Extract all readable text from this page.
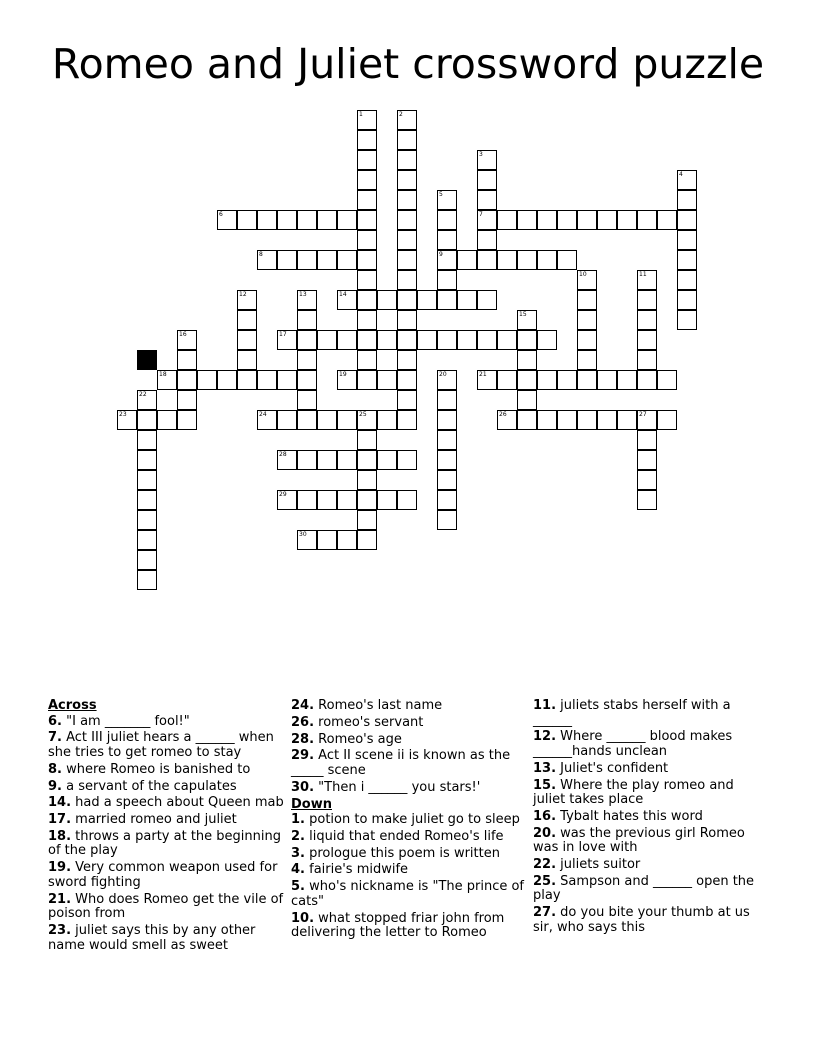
Romeo and Juliet crossword puzzle
1	2
3
7
4
5
9
6
8
10	11
12	13	14
15
16	17
18	19	20	21
22
23	24	25	26	27
28
29
30
Across
6. "I am _______ fool!"
7. Act III juliet hears a ______ when she tries to get romeo to stay
8. where Romeo is banished to
9. a servant of the capulates
14. had a speech about Queen mab
17. married romeo and juliet
18. throws a party at the beginning of the play
19. Very common weapon used for sword fighting
21. Who does Romeo get the vile of poison from
23. juliet says this by any other name would smell as sweet
24. Romeo's last name
26. romeo's servant
28. Romeo's age
29. Act II scene ii is known as the _____ scene
30. "Then i ______ you stars!'
Down
1. potion to make juliet go to sleep
2. liquid that ended Romeo's life
3. prologue this poem is written
4. fairie's midwife
5. who's nickname is "The prince of cats"
10. what stopped friar john from delivering the letter to Romeo
11. juliets stabs herself with a ______
12. Where ______ blood makes ______hands unclean
13. Juliet's confident
15. Where the play romeo and juliet takes place
16. Tybalt hates this word
20. was the previous girl Romeo was in love with
22. juliets suitor
25. Sampson and ______ open the play
27. do you bite your thumb at us sir, who says this
